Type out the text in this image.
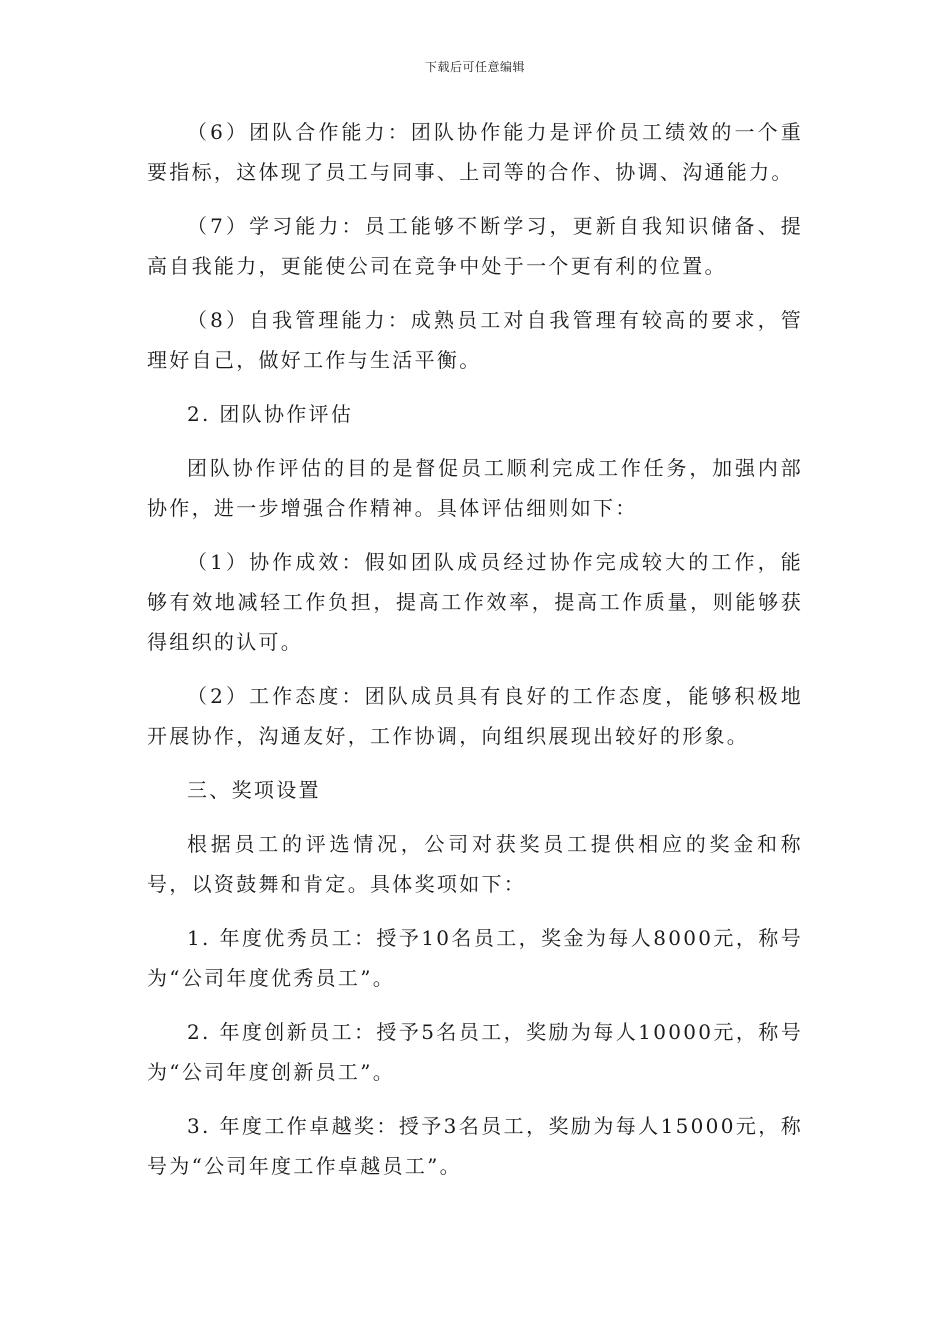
下载后可任意编辑

（6）团队合作能力：团队协作能力是评价员工绩效的一个重要指标，这体现了员工与同事、上司等的合作、协调、沟通能力。

（7）学习能力：员工能够不断学习，更新自我知识储备、提高自我能力，更能使公司在竞争中处于一个更有利的位置。

（8）自我管理能力：成熟员工对自我管理有较高的要求，管理好自己，做好工作与生活平衡。

2. 团队协作评估

团队协作评估的目的是督促员工顺利完成工作任务，加强内部协作，进一步增强合作精神。具体评估细则如下：

（1）协作成效：假如团队成员经过协作完成较大的工作，能够有效地减轻工作负担，提高工作效率，提高工作质量，则能够获得组织的认可。

（2）工作态度：团队成员具有良好的工作态度，能够积极地开展协作，沟通友好，工作协调，向组织展现出较好的形象。

三、奖项设置

根据员工的评选情况，公司对获奖员工提供相应的奖金和称号，以资鼓舞和肯定。具体奖项如下：

1. 年度优秀员工：授予10名员工，奖金为每人8000元，称号为“公司年度优秀员工”。

2. 年度创新员工：授予5名员工，奖励为每人10000元，称号为“公司年度创新员工”。

3. 年度工作卓越奖：授予3名员工，奖励为每人15000元，称号为“公司年度工作卓越员工”。
